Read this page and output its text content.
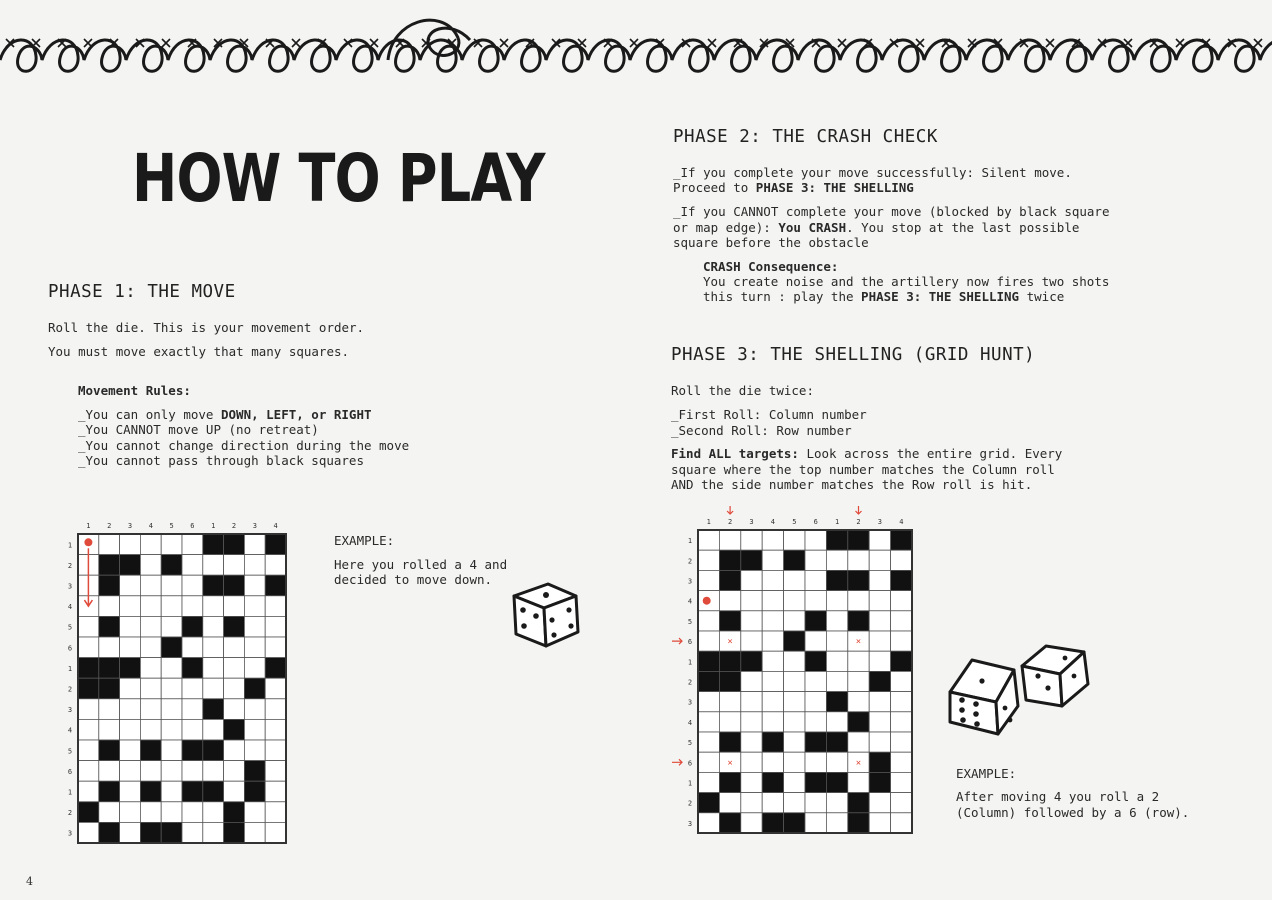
HOW TO PLAY
PHASE 1: THE MOVE

Roll the die. This is your movement order.

You must move exactly that many squares.

Movement Rules:

_You can only move DOWN, LEFT, or RIGHT

_You CANNOT move UP (no retreat)

_You cannot change direction during the move

_You cannot pass through black squares

1 2 3 4 5 6 1 2 3 4
1
2
3
4
5
6
1
2
3
4
5
6
1
2
3

EXAMPLE:

Here you rolled a 4 and

decided to move down.

PHASE 2: THE CRASH CHECK

_If you complete your move successfully: Silent move.

Proceed to PHASE 3: THE SHELLING

_If you CANNOT complete your move (blocked by black square

or map edge): You CRASH. You stop at the last possible

square before the obstacle

CRASH Consequence:

You create noise and the artillery now fires two shots

this turn : play the PHASE 3: THE SHELLING twice

PHASE 3: THE SHELLING (GRID HUNT)

Roll the die twice:

_First Roll: Column number

_Second Roll: Row number

Find ALL targets: Look across the entire grid. Every

square where the top number matches the Column roll

AND the side number matches the Row roll is hit.

1 2 3 4 5 6 1 2 3 4
1
2
3
4
5
6
1
2
3
4
5
6
1
2
3
×	×
×	×

EXAMPLE:

After moving 4 you roll a 2

(Column) followed by a 6 (row).

4
